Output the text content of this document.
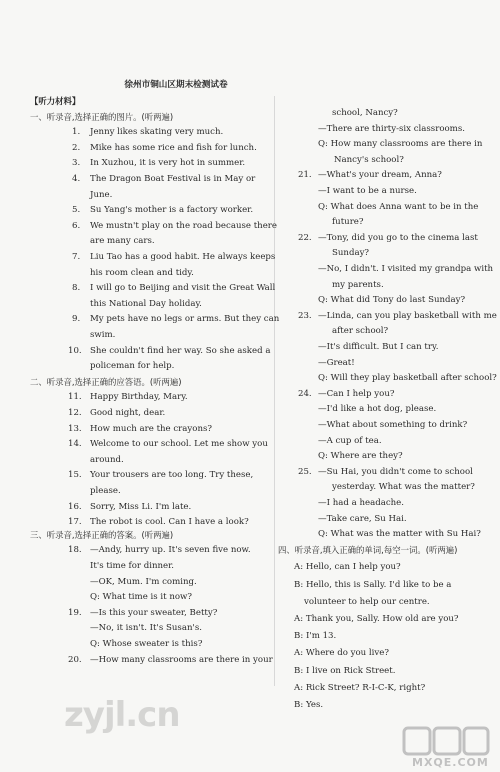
徐州市铜山区期末检测试卷
【听力材料】
一、听录音,选择正确的图片。(听两遍)
1. Jenny likes skating very much.
2. Mike has some rice and fish for lunch.
3. In Xuzhou, it is very hot in summer.
4. The Dragon Boat Festival is in May or
June.
5. Su Yang's mother is a factory worker.
6. We mustn't play on the road because there
are many cars.
7. Liu Tao has a good habit. He always keeps
his room clean and tidy.
8. I will go to Beijing and visit the Great Wall
this National Day holiday.
9. My pets have no legs or arms. But they can
swim.
10. She couldn't find her way. So she asked a
policeman for help.
二、听录音,选择正确的应答语。(听两遍)
11. Happy Birthday, Mary.
12. Good night, dear.
13. How much are the crayons?
14. Welcome to our school. Let me show you
around.
15. Your trousers are too long. Try these,
please.
16. Sorry, Miss Li. I'm late.
17. The robot is cool. Can I have a look?
三、听录音,选择正确的答案。(听两遍)
18. —Andy, hurry up. It's seven five now.
It's time for dinner.
—OK, Mum. I'm coming.
Q: What time is it now?
19. —Is this your sweater, Betty?
—No, it isn't. It's Susan's.
Q: Whose sweater is this?
20. —How many classrooms are there in your
school, Nancy?
—There are thirty-six classrooms.
Q: How many classrooms are there in
Nancy's school?
21. —What's your dream, Anna?
—I want to be a nurse.
Q: What does Anna want to be in the
future?
22. —Tony, did you go to the cinema last
Sunday?
—No, I didn't. I visited my grandpa with
my parents.
Q: What did Tony do last Sunday?
23. —Linda, can you play basketball with me
after school?
—It's difficult. But I can try.
—Great!
Q: Will they play basketball after school?
24. —Can I help you?
—I'd like a hot dog, please.
—What about something to drink?
—A cup of tea.
Q: Where are they?
25. —Su Hai, you didn't come to school
yesterday. What was the matter?
—I had a headache.
—Take care, Su Hai.
Q: What was the matter with Su Hai?
四、听录音,填入正确的单词,每空一词。(听两遍)
A: Hello, can I help you?
B: Hello, this is Sally. I'd like to be a
volunteer to help our centre.
A: Thank you, Sally. How old are you?
B: I'm 13.
A: Where do you live?
B: I live on Rick Street.
A: Rick Street? R-I-C-K, right?
B: Yes.
zyjl.cn
MXQE.COM
